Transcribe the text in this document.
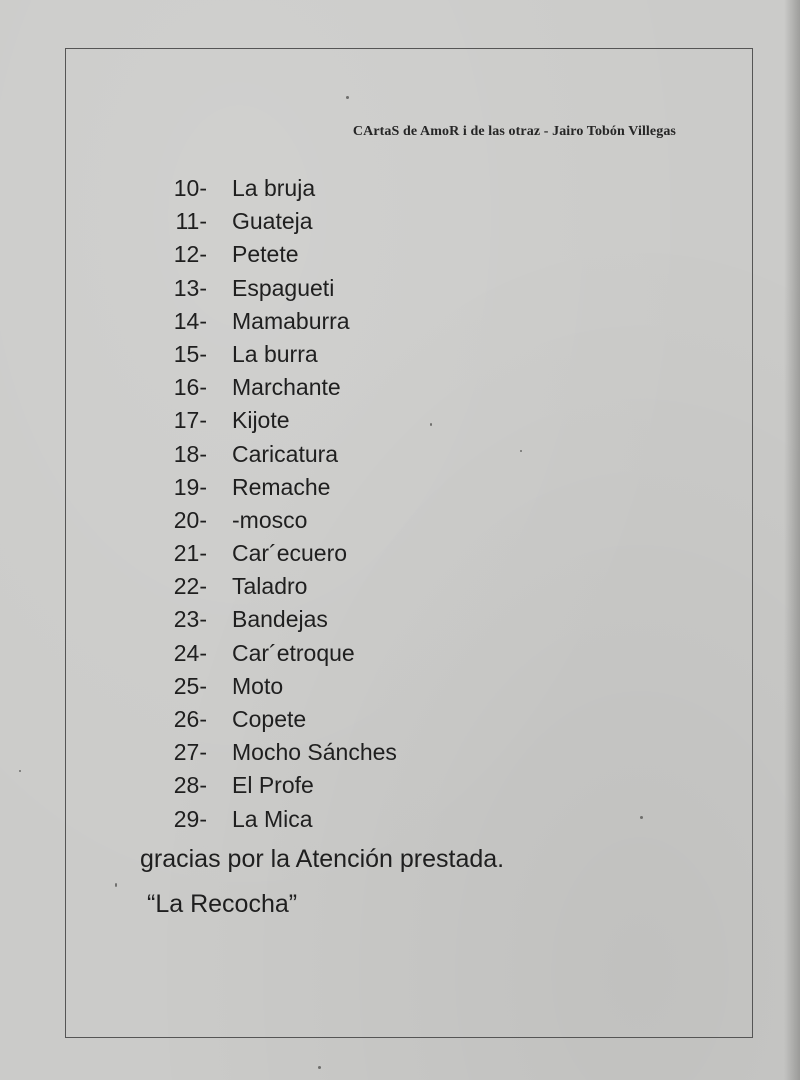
CArtaS de AmoR i de las otraz - Jairo Tobón Villegas
10- La bruja
11- Guateja
12- Petete
13- Espagueti
14- Mamaburra
15- La burra
16- Marchante
17- Kijote
18- Caricatura
19- Remache
20- -mosco
21- Car´ecuero
22- Taladro
23- Bandejas
24- Car´etroque
25- Moto
26- Copete
27- Mocho Sánches
28- El Profe
29- La Mica
gracias por la Atención prestada.
“La Recocha”
